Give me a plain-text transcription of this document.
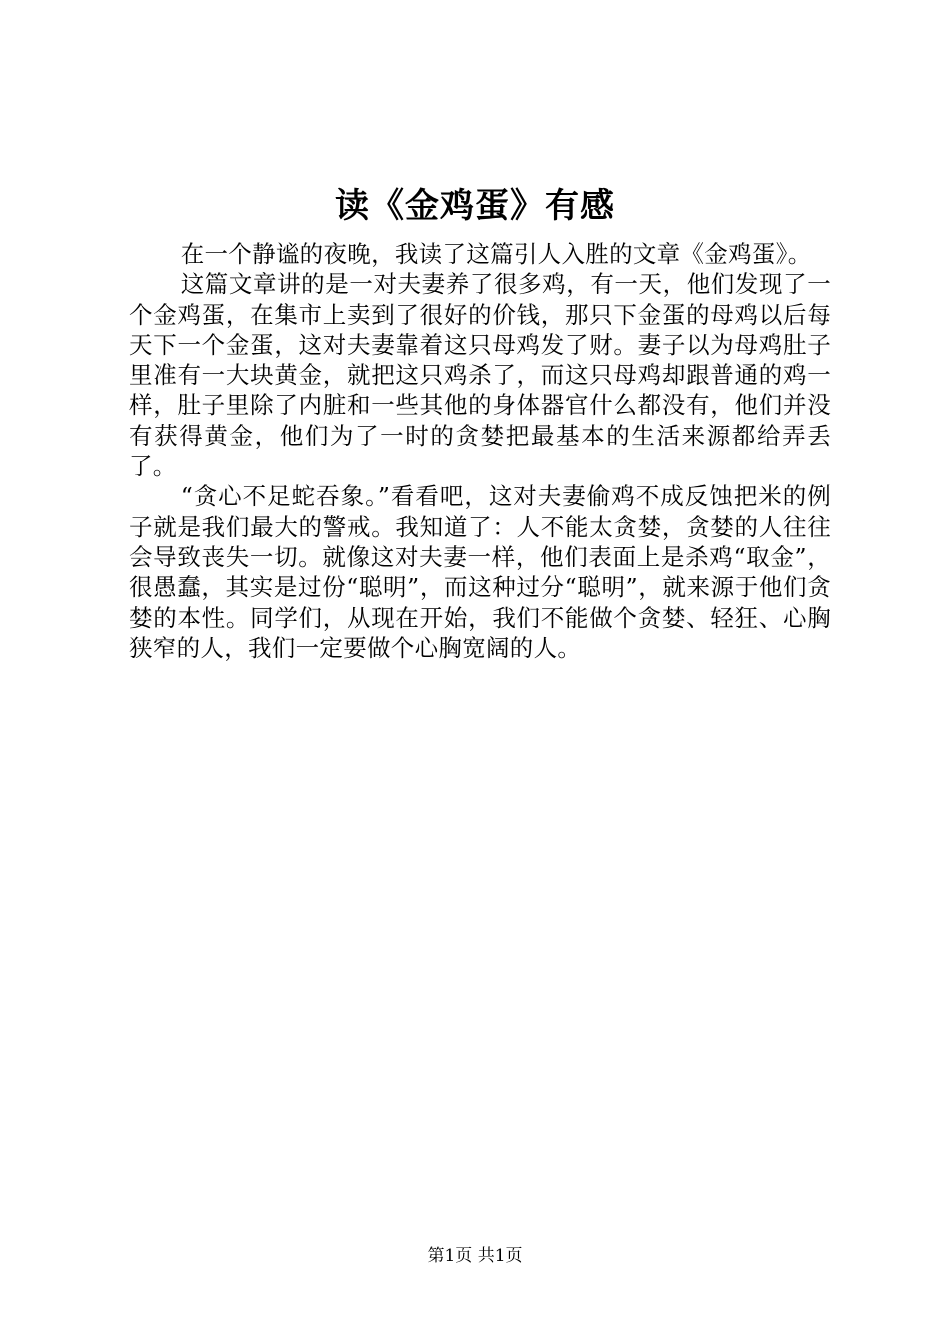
读《金鸡蛋》有感

在一个静谧的夜晚，我读了这篇引人入胜的文章《金鸡蛋》。

这篇文章讲的是一对夫妻养了很多鸡，有一天，他们发现了一个金鸡蛋，在集市上卖到了很好的价钱，那只下金蛋的母鸡以后每天下一个金蛋，这对夫妻靠着这只母鸡发了财。妻子以为母鸡肚子里准有一大块黄金，就把这只鸡杀了，而这只母鸡却跟普通的鸡一样，肚子里除了内脏和一些其他的身体器官什么都没有，他们并没有获得黄金，他们为了一时的贪婪把最基本的生活来源都给弄丢了。

“贪心不足蛇吞象。”看看吧，这对夫妻偷鸡不成反蚀把米的例子就是我们最大的警戒。我知道了：人不能太贪婪，贪婪的人往往会导致丧失一切。就像这对夫妻一样，他们表面上是杀鸡“取金”，很愚蠢，其实是过份“聪明”，而这种过分“聪明”，就来源于他们贪婪的本性。同学们，从现在开始，我们不能做个贪婪、轻狂、心胸狭窄的人，我们一定要做个心胸宽阔的人。

第1页 共1页
